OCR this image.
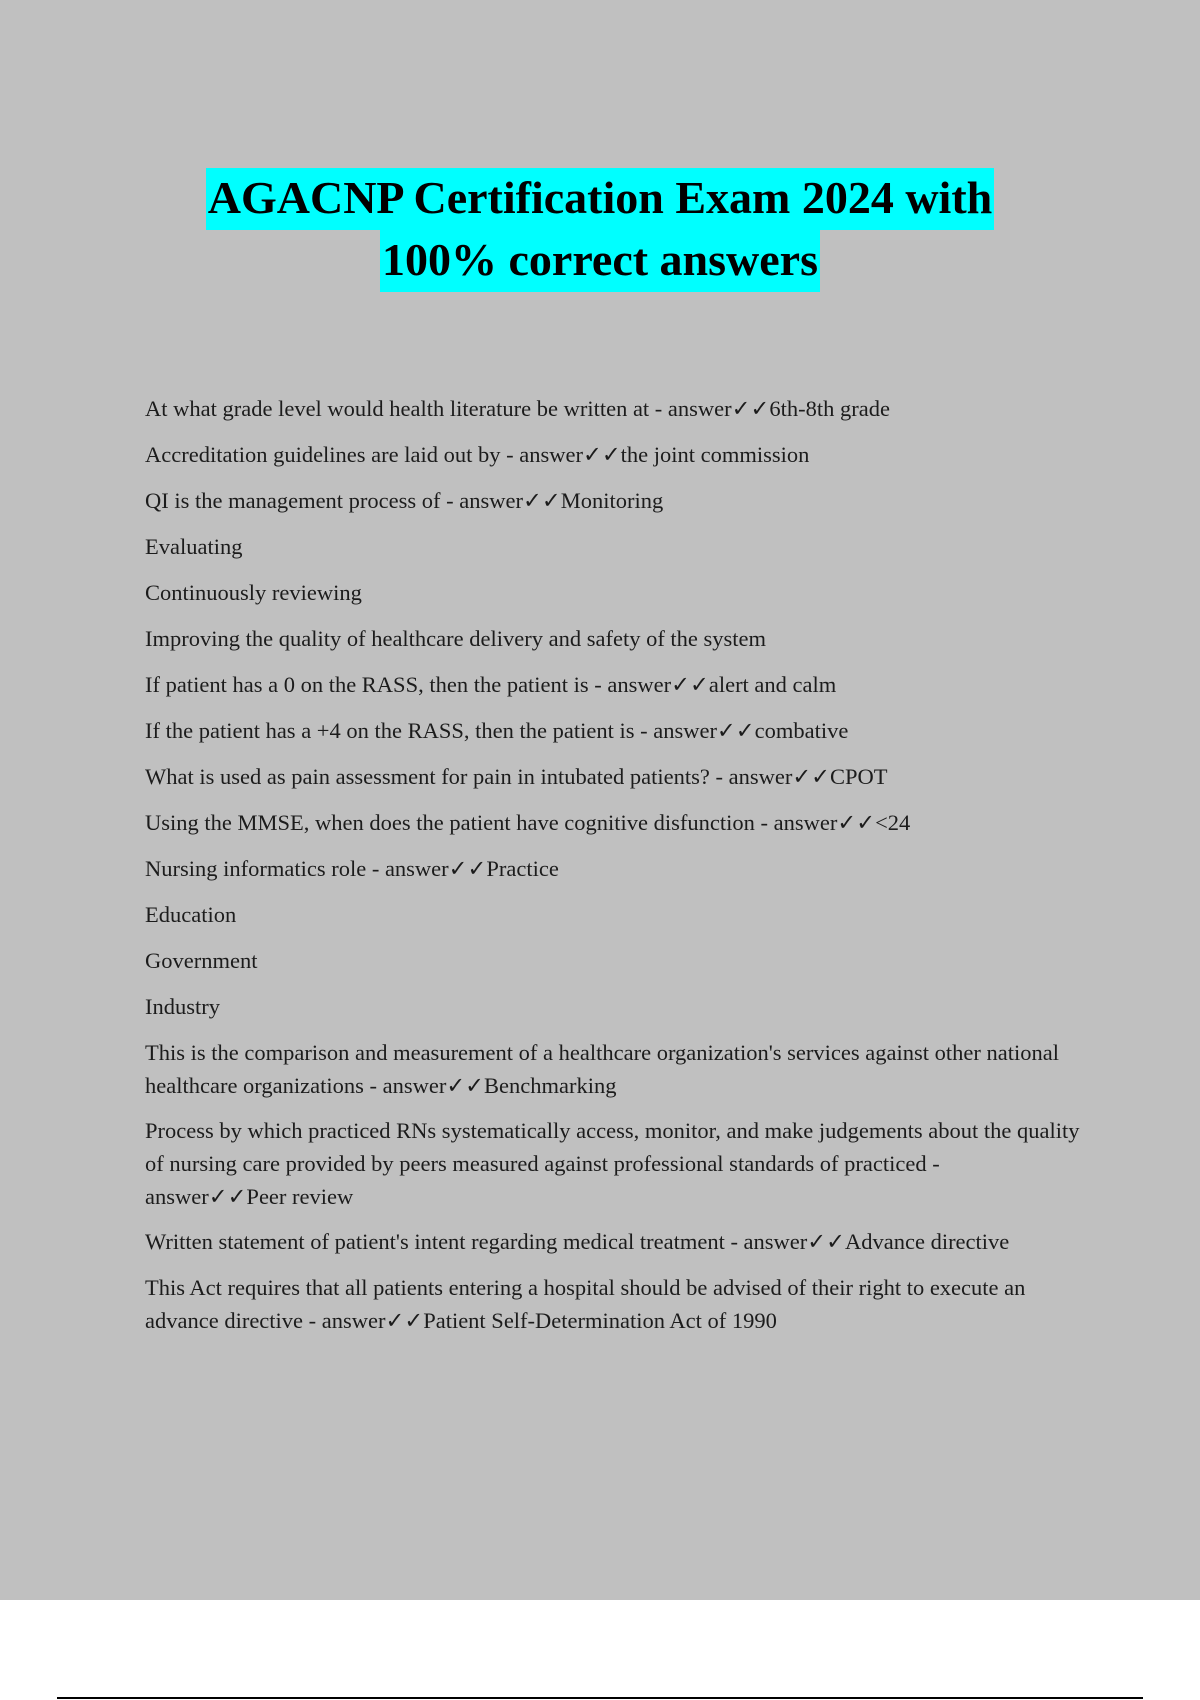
AGACNP Certification Exam 2024 with
100% correct answers

At what grade level would health literature be written at - answer✓✓6th-8th grade

Accreditation guidelines are laid out by - answer✓✓the joint commission

QI is the management process of - answer✓✓Monitoring

Evaluating

Continuously reviewing

Improving the quality of healthcare delivery and safety of the system

If patient has a 0 on the RASS, then the patient is - answer✓✓alert and calm

If the patient has a +4 on the RASS, then the patient is - answer✓✓combative

What is used as pain assessment for pain in intubated patients? - answer✓✓CPOT

Using the MMSE, when does the patient have cognitive disfunction - answer✓✓<24

Nursing informatics role - answer✓✓Practice

Education

Government

Industry

This is the comparison and measurement of a healthcare organization's services against other national healthcare organizations - answer✓✓Benchmarking

Process by which practiced RNs systematically access, monitor, and make judgements about the quality of nursing care provided by peers measured against professional standards of practiced - answer✓✓Peer review

Written statement of patient's intent regarding medical treatment - answer✓✓Advance directive

This Act requires that all patients entering a hospital should be advised of their right to execute an advance directive - answer✓✓Patient Self-Determination Act of 1990
